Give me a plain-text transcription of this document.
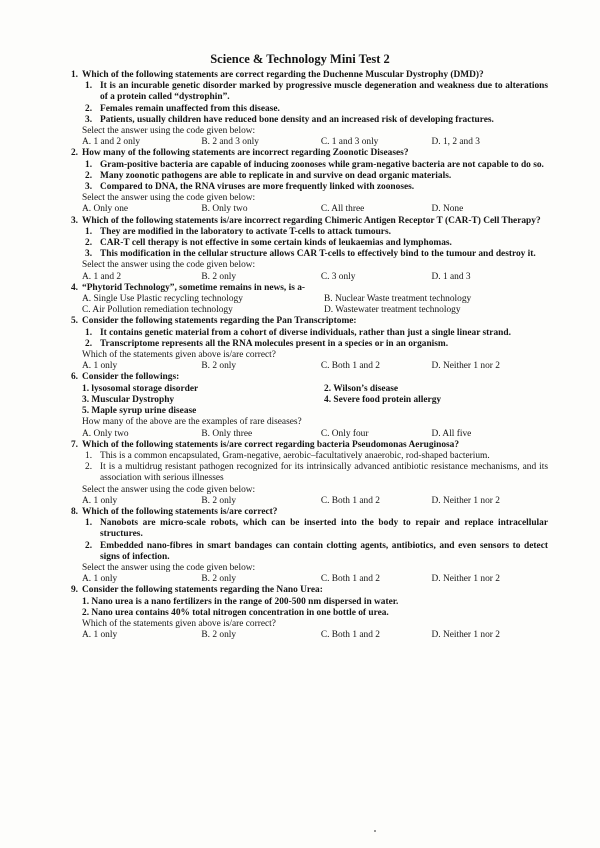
Science & Technology Mini Test 2
1. Which of the following statements are correct regarding the Duchenne Muscular Dystrophy (DMD)?
1. It is an incurable genetic disorder marked by progressive muscle degeneration and weakness due to alterations of a protein called “dystrophin”.
2. Females remain unaffected from this disease.
3. Patients, usually children have reduced bone density and an increased risk of developing fractures.
Select the answer using the code given below:
A. 1 and 2 only	B. 2 and 3 only	C. 1 and 3 only	D. 1, 2 and 3
2. How many of the following statements are incorrect regarding Zoonotic Diseases?
1. Gram-positive bacteria are capable of inducing zoonoses while gram-negative bacteria are not capable to do so.
2. Many zoonotic pathogens are able to replicate in and survive on dead organic materials.
3. Compared to DNA, the RNA viruses are more frequently linked with zoonoses.
Select the answer using the code given below:
A. Only one	B. Only two	C. All three	D. None
3. Which of the following statements is/are incorrect regarding Chimeric Antigen Receptor T (CAR-T) Cell Therapy?
1. They are modified in the laboratory to activate T-cells to attack tumours.
2. CAR-T cell therapy is not effective in some certain kinds of leukaemias and lymphomas.
3. This modification in the cellular structure allows CAR T-cells to effectively bind to the tumour and destroy it.
Select the answer using the code given below:
A. 1 and 2	B. 2 only	C. 3 only	D. 1 and 3
4. “Phytorid Technology”, sometime remains in news, is a-
A. Single Use Plastic recycling technology	B. Nuclear Waste treatment technology
C. Air Pollution remediation technology	D. Wastewater treatment technology
5. Consider the following statements regarding the Pan Transcriptome:
1. It contains genetic material from a cohort of diverse individuals, rather than just a single linear strand.
2. Transcriptome represents all the RNA molecules present in a species or in an organism.
Which of the statements given above is/are correct?
A. 1 only	B. 2 only	C. Both 1 and 2	D. Neither 1 nor 2
6. Consider the followings:
1. lysosomal storage disorder	2. Wilson’s disease
3. Muscular Dystrophy	4. Severe food protein allergy
5. Maple syrup urine disease
How many of the above are the examples of rare diseases?
A. Only two	B. Only three	C. Only four	D. All five
7. Which of the following statements is/are correct regarding bacteria Pseudomonas Aeruginosa?
1. This is a common encapsulated, Gram-negative, aerobic–facultatively anaerobic, rod-shaped bacterium.
2. It is a multidrug resistant pathogen recognized for its intrinsically advanced antibiotic resistance mechanisms, and its association with serious illnesses
Select the answer using the code given below:
A. 1 only	B. 2 only	C. Both 1 and 2	D. Neither 1 nor 2
8. Which of the following statements is/are correct?
1. Nanobots are micro-scale robots, which can be inserted into the body to repair and replace intracellular structures.
2. Embedded nano-fibres in smart bandages can contain clotting agents, antibiotics, and even sensors to detect signs of infection.
Select the answer using the code given below:
A. 1 only	B. 2 only	C. Both 1 and 2	D. Neither 1 nor 2
9. Consider the following statements regarding the Nano Urea:
1. Nano urea is a nano fertilizers in the range of 200-500 nm dispersed in water.
2. Nano urea contains 40% total nitrogen concentration in one bottle of urea.
Which of the statements given above is/are correct?
A. 1 only	B. 2 only	C. Both 1 and 2	D. Neither 1 nor 2
